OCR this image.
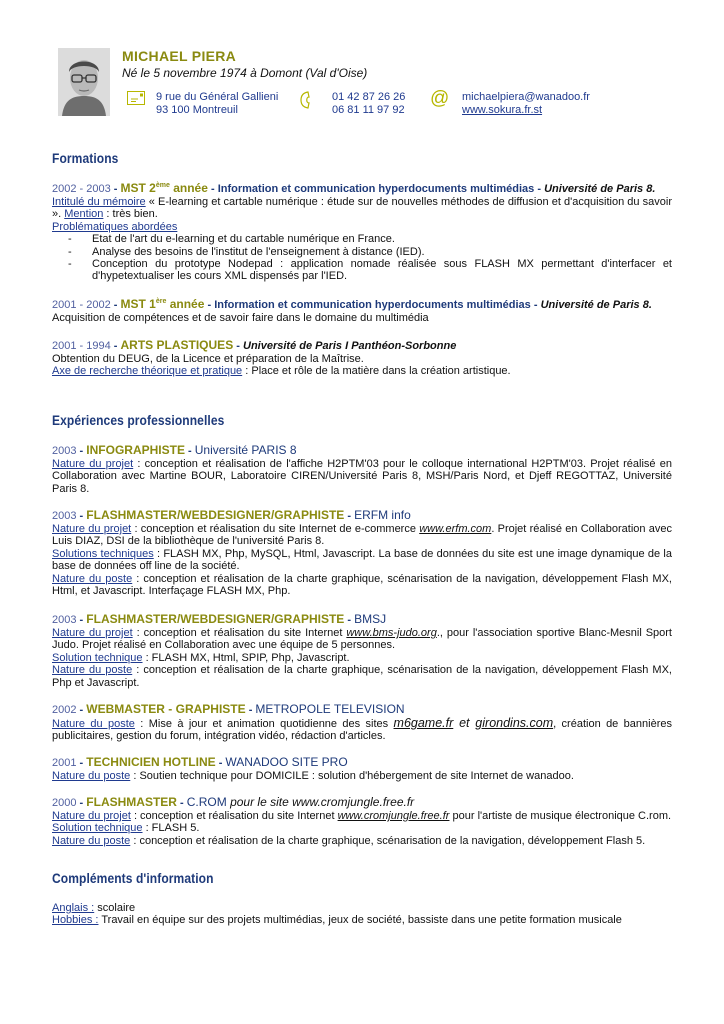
MICHAEL PIERA
Né le 5 novembre 1974 à Domont (Val d'Oise)
9 rue du Général Gallieni
93 100 Montreuil
01 42 87 26 26
06 81 11 97 92
@ michaelpiera@wanadoo.fr
www.sokura.fr.st
Formations
2002 - 2003 - MST 2ème année - Information et communication hyperdocuments multimédias - Université de Paris 8.
Intitulé du mémoire « E-learning et cartable numérique : étude sur de nouvelles méthodes de diffusion et d'acquisition du savoir ». Mention : très bien.
Problématiques abordées
- Etat de l'art du e-learning et du cartable numérique en France.
- Analyse des besoins de l'institut de l'enseignement à distance (IED).
- Conception du prototype Nodepad : application nomade réalisée sous FLASH MX permettant d'interfacer et d'hypetextualiser les cours XML dispensés par l'IED.
2001 - 2002 - MST 1ère année - Information et communication hyperdocuments multimédias - Université de Paris 8.
Acquisition de compétences et de savoir faire dans le domaine du multimédia
2001 - 1994 - ARTS PLASTIQUES - Université de Paris I Panthéon-Sorbonne
Obtention du DEUG, de la Licence et préparation de la Maîtrise.
Axe de recherche théorique et pratique : Place et rôle de la matière dans la création artistique.
Expériences professionnelles
2003 - INFOGRAPHISTE - Université PARIS 8
Nature du projet : conception et réalisation de l'affiche H2PTM'03 pour le colloque international H2PTM'03. Projet réalisé en Collaboration avec Martine BOUR, Laboratoire CIREN/Université Paris 8, MSH/Paris Nord, et Djeff REGOTTAZ, Université Paris 8.
2003 - FLASHMASTER/WEBDESIGNER/GRAPHISTE - ERFM info
Nature du projet : conception et réalisation du site Internet de e-commerce www.erfm.com. Projet réalisé en Collaboration avec Luis DIAZ, DSI de la bibliothèque de l'université Paris 8.
Solutions techniques : FLASH MX, Php, MySQL, Html, Javascript. La base de données du site est une image dynamique de la base de données off line de la société.
Nature du poste : conception et réalisation de la charte graphique, scénarisation de la navigation, développement Flash MX, Html, et Javascript. Interfaçage FLASH MX, Php.
2003 - FLASHMASTER/WEBDESIGNER/GRAPHISTE - BMSJ
Nature du projet : conception et réalisation du site Internet www.bms-judo.org., pour l'association sportive Blanc-Mesnil Sport Judo. Projet réalisé en Collaboration avec une équipe de 5 personnes.
Solution technique : FLASH MX, Html, SPIP, Php, Javascript.
Nature du poste : conception et réalisation de la charte graphique, scénarisation de la navigation, développement Flash MX, Php et Javascript.
2002 - WEBMASTER - GRAPHISTE - METROPOLE TELEVISION
Nature du poste : Mise à jour et animation quotidienne des sites m6game.fr et girondins.com, création de bannières publicitaires, gestion du forum, intégration vidéo, rédaction d'articles.
2001 - TECHNICIEN HOTLINE - WANADOO SITE PRO
Nature du poste : Soutien technique pour DOMICILE : solution d'hébergement de site Internet de wanadoo.
2000 - FLASHMASTER - C.ROM pour le site www.cromjungle.free.fr
Nature du projet : conception et réalisation du site Internet www.cromjungle.free.fr pour l'artiste de musique électronique C.rom.
Solution technique : FLASH 5.
Nature du poste : conception et réalisation de la charte graphique, scénarisation de la navigation, développement Flash 5.
Compléments d'information
Anglais : scolaire
Hobbies : Travail en équipe sur des projets multimédias, jeux de société, bassiste dans une petite formation musicale
